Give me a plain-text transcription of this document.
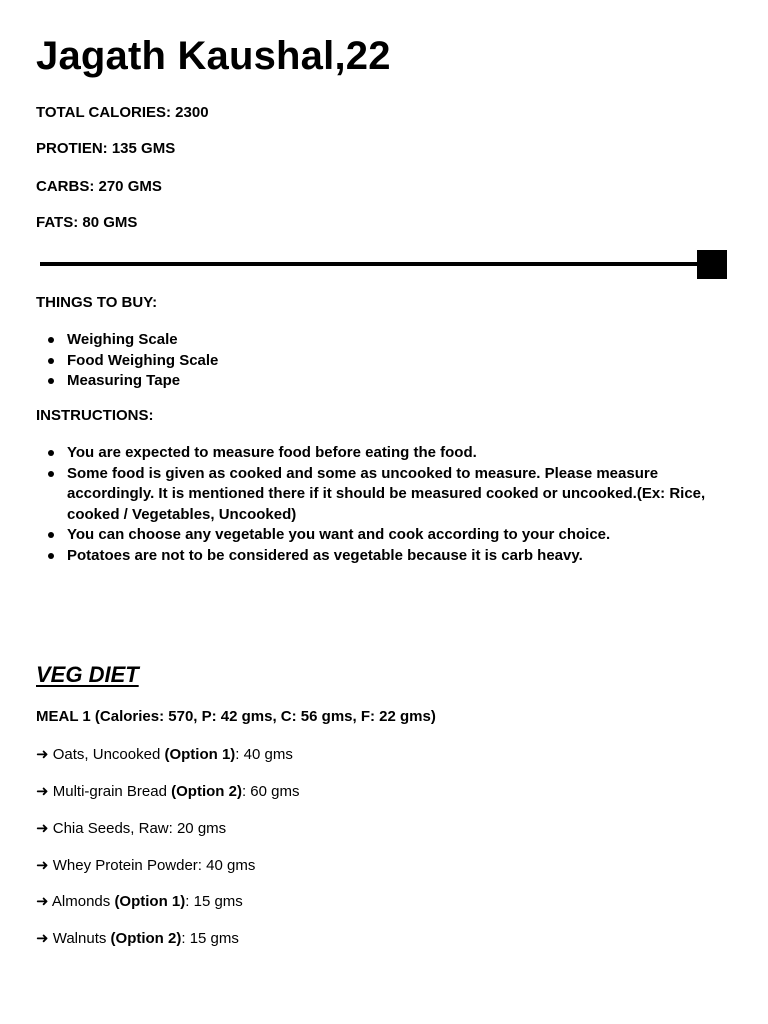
Jagath Kaushal,22

TOTAL CALORIES: 2300

PROTIEN: 135 GMS

CARBS: 270 GMS

FATS: 80 GMS

THINGS TO BUY:

Weighing Scale
Food Weighing Scale
Measuring Tape

INSTRUCTIONS:

You are expected to measure food before eating the food.
Some food is given as cooked and some as uncooked to measure. Please measure accordingly. It is mentioned there if it should be measured cooked or uncooked.(Ex: Rice, cooked / Vegetables, Uncooked)
You can choose any vegetable you want and cook according to your choice.
Potatoes are not to be considered as vegetable because it is carb heavy.
VEG DIET

MEAL 1 (Calories: 570, P: 42 gms, C: 56 gms, F: 22 gms)

➜ Oats, Uncooked (Option 1): 40 gms

➜ Multi-grain Bread (Option 2): 60 gms

➜ Chia Seeds, Raw: 20 gms

➜ Whey Protein Powder: 40 gms

➜ Almonds (Option 1): 15 gms

➜ Walnuts (Option 2): 15 gms
